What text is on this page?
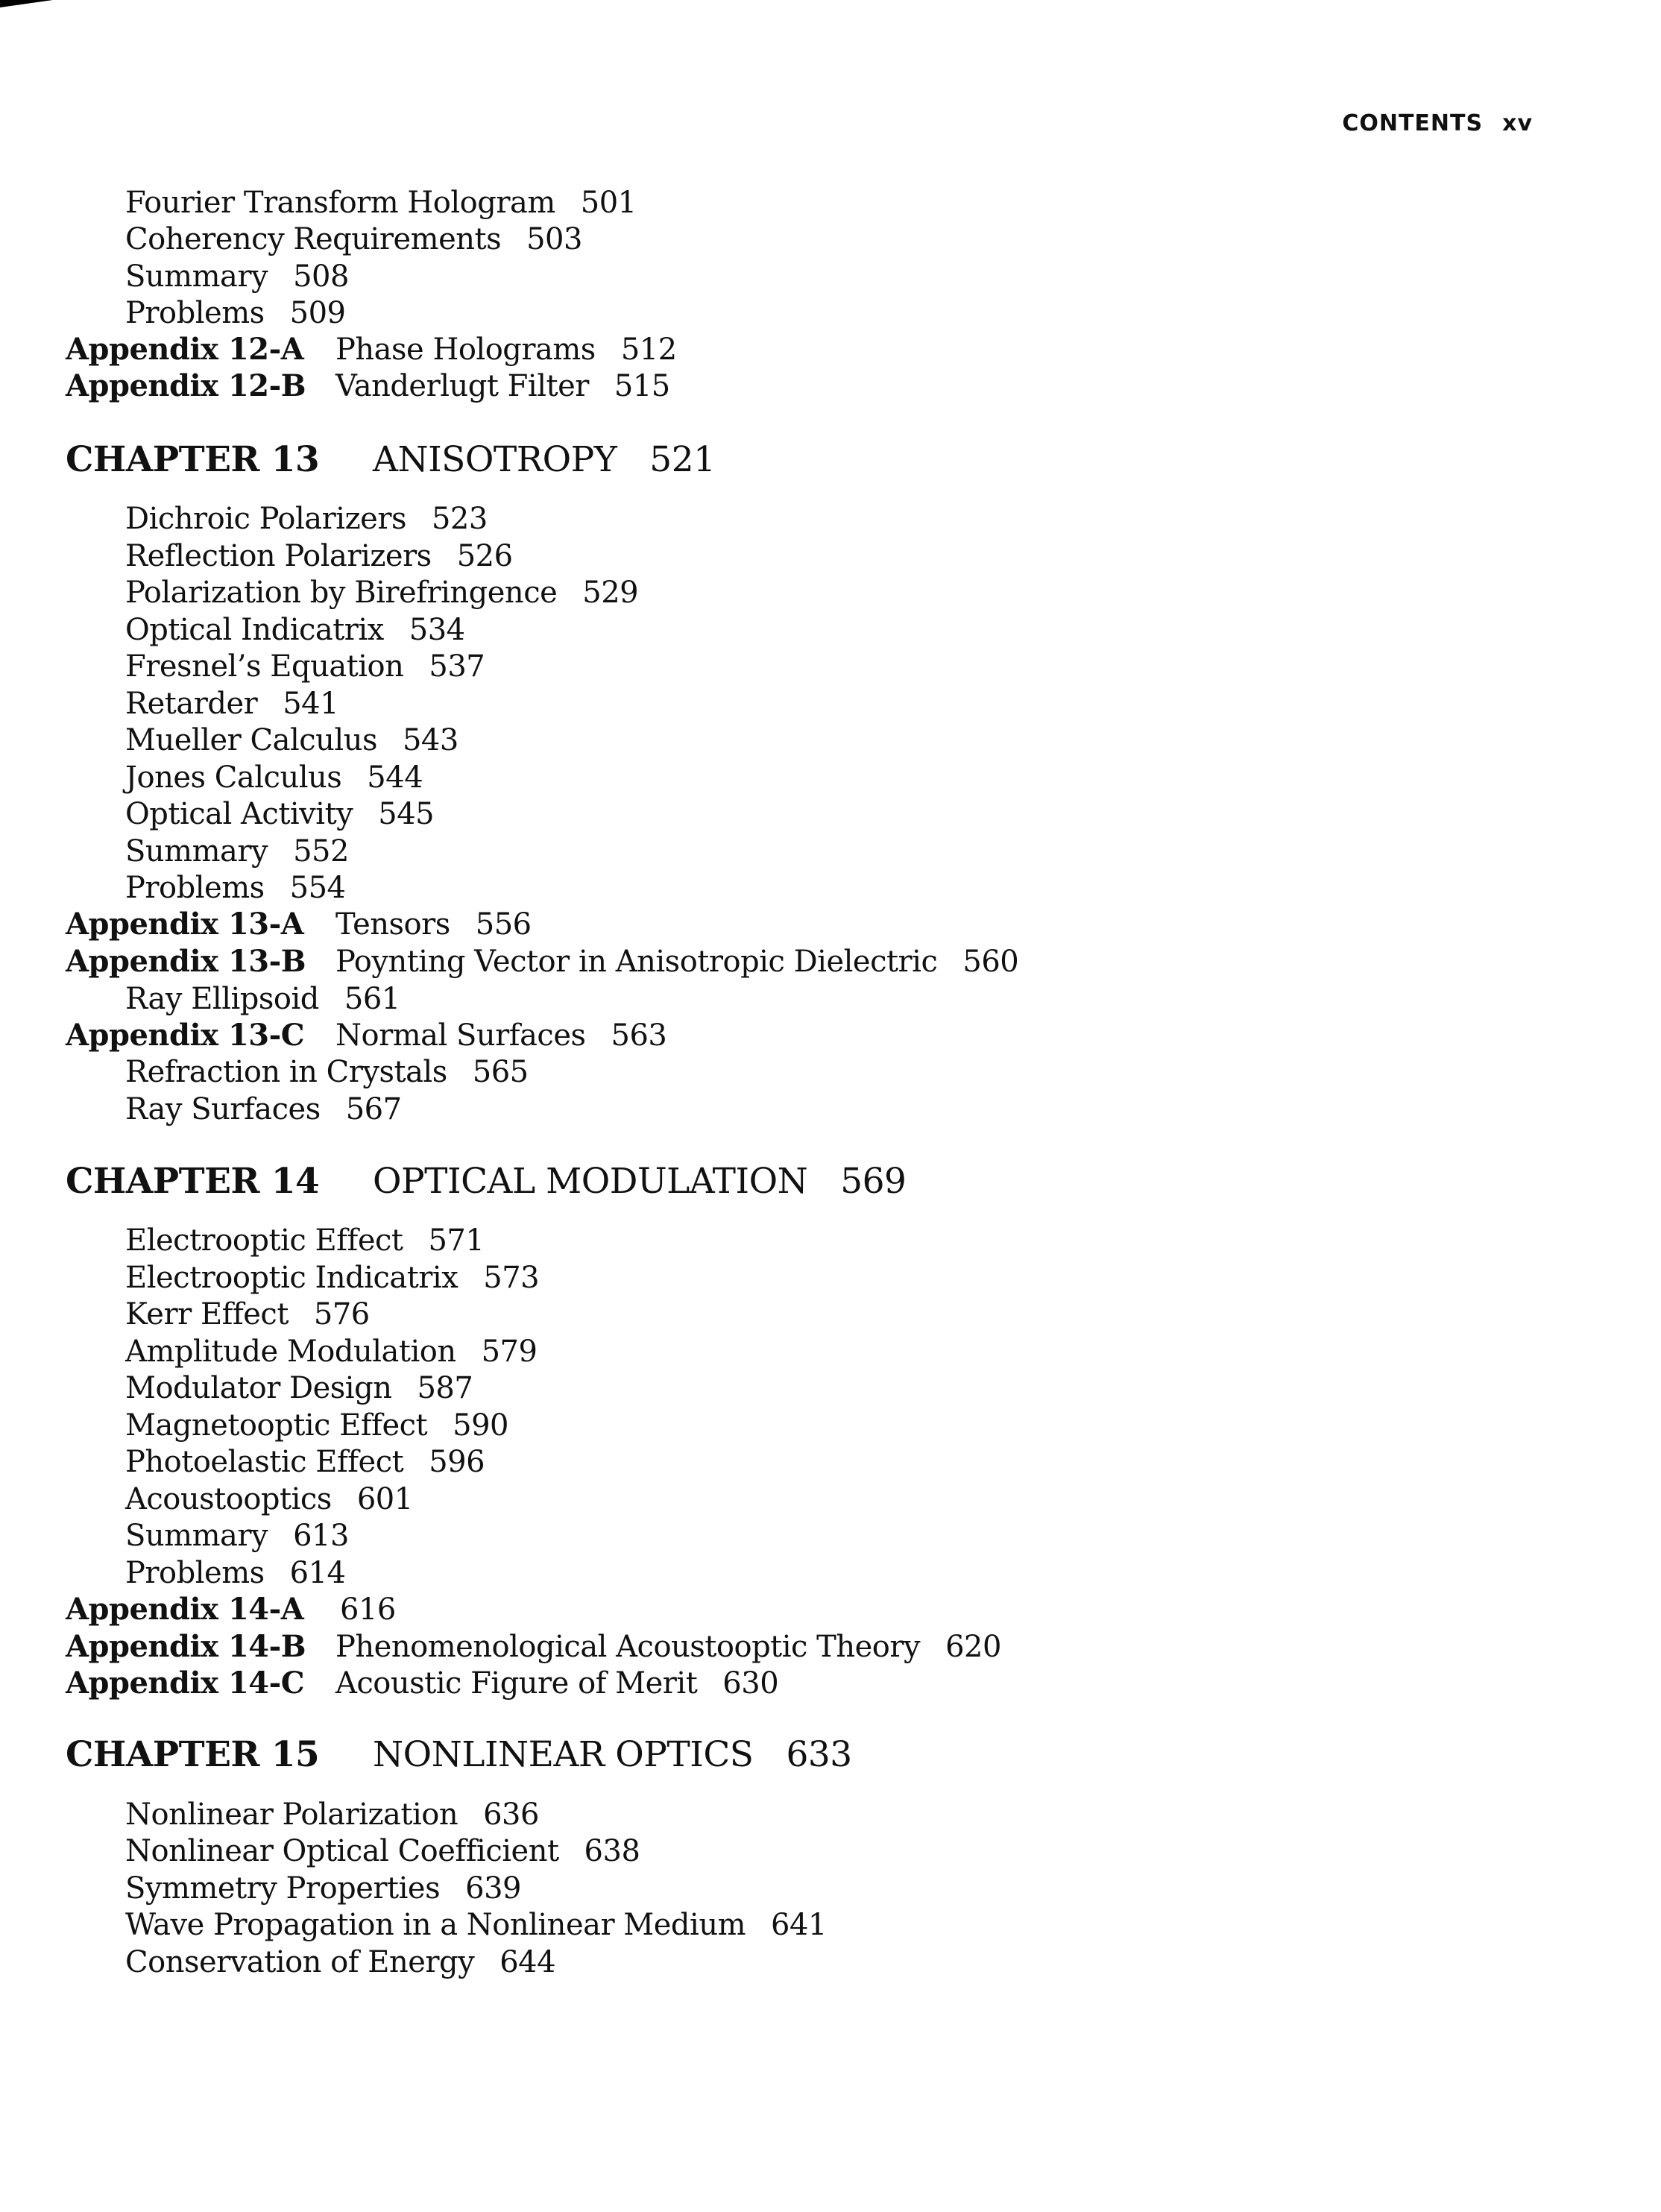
CONTENTS xv
Fourier Transform Hologram 501
Coherency Requirements 503
Summary 508
Problems 509
Appendix 12-A Phase Holograms 512
Appendix 12-B Vanderlugt Filter 515
CHAPTER 13 ANISOTROPY 521
Dichroic Polarizers 523
Reflection Polarizers 526
Polarization by Birefringence 529
Optical Indicatrix 534
Fresnel’s Equation 537
Retarder 541
Mueller Calculus 543
Jones Calculus 544
Optical Activity 545
Summary 552
Problems 554
Appendix 13-A Tensors 556
Appendix 13-B Poynting Vector in Anisotropic Dielectric 560
Ray Ellipsoid 561
Appendix 13-C Normal Surfaces 563
Refraction in Crystals 565
Ray Surfaces 567
CHAPTER 14 OPTICAL MODULATION 569
Electrooptic Effect 571
Electrooptic Indicatrix 573
Kerr Effect 576
Amplitude Modulation 579
Modulator Design 587
Magnetooptic Effect 590
Photoelastic Effect 596
Acoustooptics 601
Summary 613
Problems 614
Appendix 14-A 616
Appendix 14-B Phenomenological Acoustooptic Theory 620
Appendix 14-C Acoustic Figure of Merit 630
CHAPTER 15 NONLINEAR OPTICS 633
Nonlinear Polarization 636
Nonlinear Optical Coefficient 638
Symmetry Properties 639
Wave Propagation in a Nonlinear Medium 641
Conservation of Energy 644
